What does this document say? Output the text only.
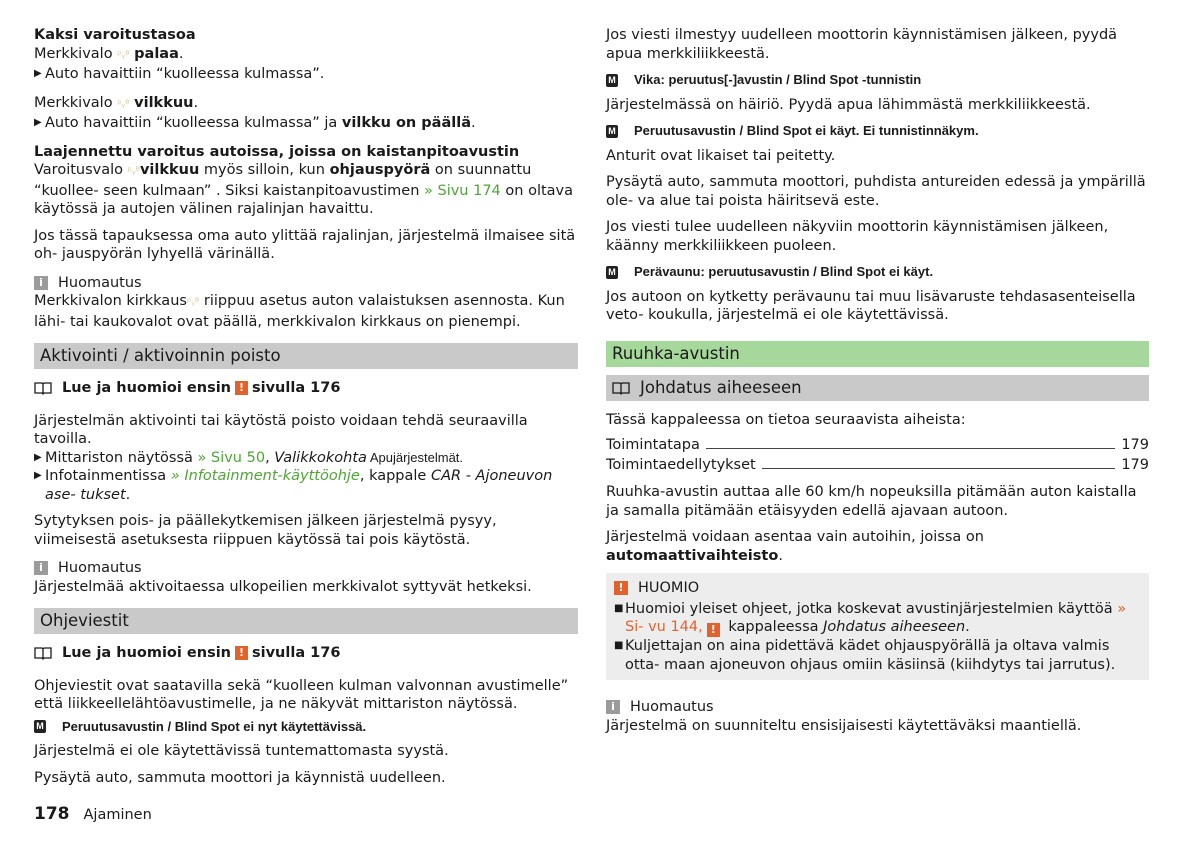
Kaksi varoitustasoa
Merkkivalo ᵖᵧᴮ palaa.
▶ Auto havaittiin “kuolleessa kulmassa”.
Merkkivalo ᵖᵧᴮ vilkkuu.
▶ Auto havaittiin “kuolleessa kulmassa” ja vilkku on päällä.
Laajennettu varoitus autoissa, joissa on kaistanpitoavustin

Varoitusvalo ᵖᵧᴮvilkkuu myös silloin, kun ohjauspyörä on suunnattu “kuollee- seen kulmaan” . Siksi kaistanpitoavustimen » Sivu 174 on oltava käytössä ja autojen välinen rajalinjan havaittu.

Jos tässä tapauksessa oma auto ylittää rajalinjan, järjestelmä ilmaisee sitä oh- jauspyörän lyhyellä värinällä.

i	Huomautus

Merkkivalon kirkkausᵖᵧᴮ riippuu asetus auton valaistuksen asennosta. Kun lähi- tai kaukovalot ovat päällä, merkkivalon kirkkaus on pienempi.

Aktivointi / aktivoinnin poisto
Lue ja huomioi ensin ! sivulla 176

Järjestelmän aktivointi tai käytöstä poisto voidaan tehdä seuraavilla tavoilla.

▶ Mittariston näytössä » Sivu 50, Valikkokohta Apujärjestelmät.
▶ Infotainmentissa » Infotainment-käyttöohje, kappale CAR - Ajoneuvon ase- tukset.

Sytytyksen pois- ja päällekytkemisen jälkeen järjestelmä pysyy, viimeisestä asetuksesta riippuen käytössä tai pois käytöstä.

i	Huomautus

Järjestelmää aktivoitaessa ulkopeilien merkkivalot syttyvät hetkeksi.

Ohjeviestit
Lue ja huomioi ensin ! sivulla 176

Ohjeviestit ovat saatavilla sekä “kuolleen kulman valvonnan avustimelle” että liikkeellelähtöavustimelle, ja ne näkyvät mittariston näytössä.

M Peruutusavustin / Blind Spot ei nyt käytettävissä.

Järjestelmä ei ole käytettävissä tuntemattomasta syystä.

Pysäytä auto, sammuta moottori ja käynnistä uudelleen.

Jos viesti ilmestyy uudelleen moottorin käynnistämisen jälkeen, pyydä apua merkkiliikkeestä.

M Vika: peruutus[-]avustin / Blind Spot -tunnistin

Järjestelmässä on häiriö. Pyydä apua lähimmästä merkkiliikkeestä.

M Peruutusavustin / Blind Spot ei käyt. Ei tunnistinnäkym.

Anturit ovat likaiset tai peitetty.

Pysäytä auto, sammuta moottori, puhdista antureiden edessä ja ympärillä ole- va alue tai poista häiritsevä este.

Jos viesti tulee uudelleen näkyviin moottorin käynnistämisen jälkeen, käänny merkkiliikkeen puoleen.

M Perävaunu: peruutusavustin / Blind Spot ei käyt.

Jos autoon on kytketty perävaunu tai muu lisävaruste tehdasasenteisella veto- koukulla, järjestelmä ei ole käytettävissä.

Ruuhka-avustin
Johdatus aiheeseen

Tässä kappaleessa on tietoa seuraavista aiheista:

Toimintatapa	179
Toimintaedellytykset	179

Ruuhka-avustin auttaa alle 60 km/h nopeuksilla pitämään auton kaistalla ja samalla pitämään etäisyyden edellä ajavaan autoon.

Järjestelmä voidaan asentaa vain autoihin, joissa on automaattivaihteisto.

! HUOMIO
■ Huomioi yleiset ohjeet, jotka koskevat avustinjärjestelmien käyttöä » Si- vu 144, ! kappaleessa Johdatus aiheeseen.
■ Kuljettajan on aina pidettävä kädet ohjauspyörällä ja oltava valmis otta- maan ajoneuvon ohjaus omiin käsiinsä (kiihdytys tai jarrutus).
i	Huomautus

Järjestelmä on suunniteltu ensisijaisesti käytettäväksi maantiellä.

178 Ajaminen
